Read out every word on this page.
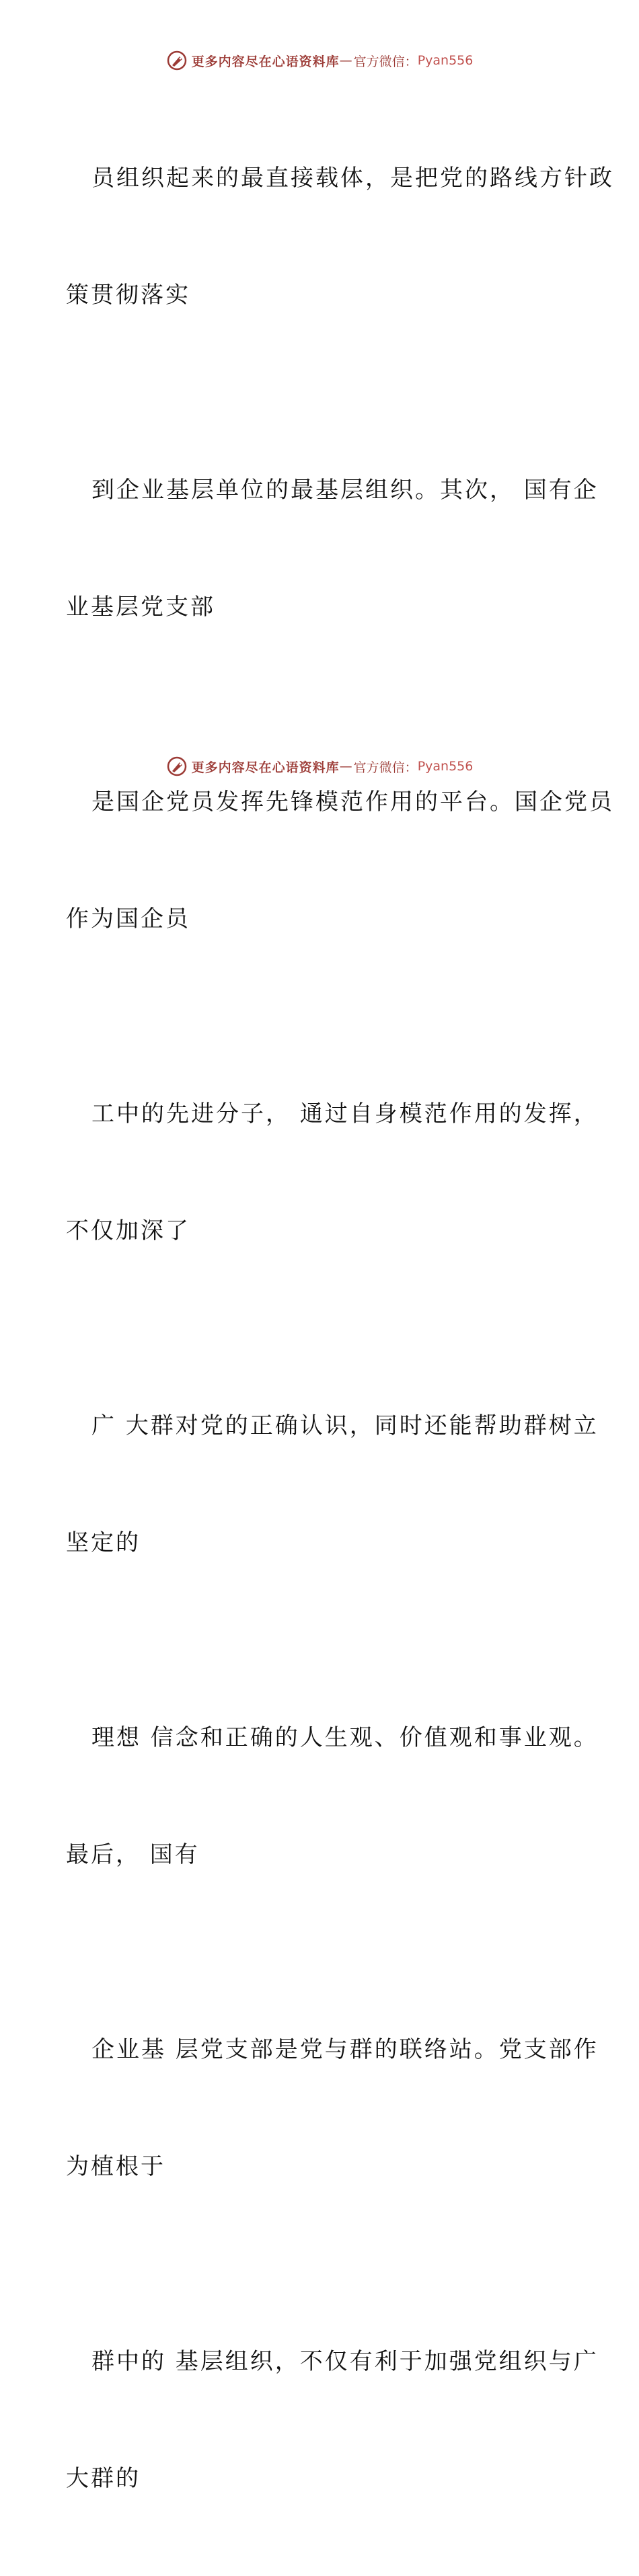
更多内容尽在心语资料库 — 官方微信： Pyan556

员组织起来的最直接载体，是把党的路线方针政

策贯彻落实

到企业基层单位的最基层组织。其次， 国有企

业基层党支部

是国企党员发挥先锋模范作用的平台。国企党员

作为国企员

工中的先进分子， 通过自身模范作用的发挥，

不仅加深了

广 大群对党的正确认识，同时还能帮助群树立

坚定的

理想 信念和正确的人生观、价值观和事业观。

最后， 国有

企业基 层党支部是党与群的联络站。党支部作

为植根于

群中的 基层组织，不仅有利于加强党组织与广

大群的

更多内容尽在心语资料库 — 官方微信： Pyan556
